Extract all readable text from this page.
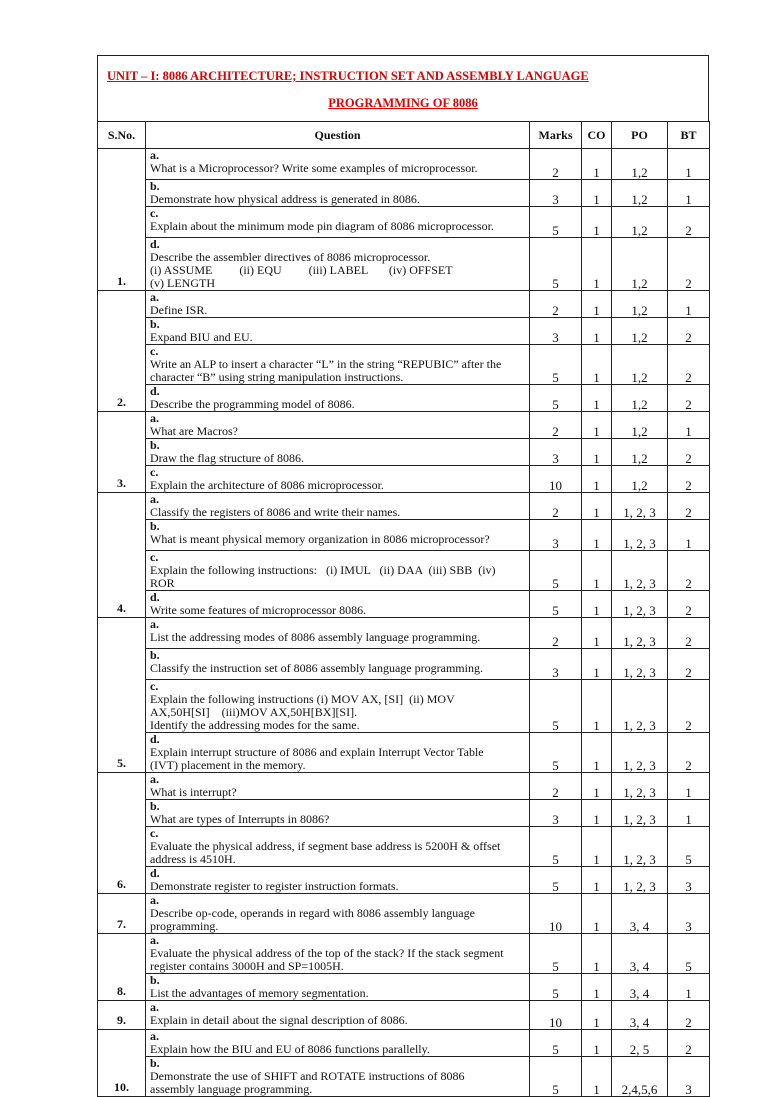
UNIT – I: 8086 ARCHITECTURE; INSTRUCTION SET AND ASSEMBLY LANGUAGE
PROGRAMMING OF 8086
S.No.	Question	Marks	CO	PO	BT
1.	a.What is a Microprocessor? Write some examples of microprocessor.	2	1	1,2	1
	b.Demonstrate how physical address is generated in 8086.	3	1	1,2	1
	c.Explain about the minimum mode pin diagram of 8086 microprocessor.	5	1	1,2	2
	d.Describe the assembler directives of 8086 microprocessor.
(i) ASSUME         (ii) EQU         (iii) LABEL       (iv) OFFSET
(v) LENGTH	5	1	1,2	2
2.	a.Define ISR.	2	1	1,2	1
	b.Expand BIU and EU.	3	1	1,2	2
	c.Write an ALP to insert a character “L” in the string “REPUBIC” after the character “B” using string manipulation instructions.	5	1	1,2	2
	d.Describe the programming model of 8086.	5	1	1,2	2
3.	a.What are Macros?	2	1	1,2	1
	b.Draw the flag structure of 8086.	3	1	1,2	2
	c.Explain the architecture of 8086 microprocessor.	10	1	1,2	2
4.	a.Classify the registers of 8086 and write their names.	2	1	1, 2, 3	2
	b.What is meant physical memory organization in 8086 microprocessor?	3	1	1, 2, 3	1
	c.Explain the following instructions:   (i) IMUL   (ii) DAA  (iii) SBB  (iv) ROR	5	1	1, 2, 3	2
	d.Write some features of microprocessor 8086.	5	1	1, 2, 3	2
5.	a.List the addressing modes of 8086 assembly language programming.	2	1	1, 2, 3	2
	b.Classify the instruction set of 8086 assembly language programming.	3	1	1, 2, 3	2
	c.Explain the following instructions (i) MOV AX, [SI]  (ii) MOV AX,50H[SI]    (iii)MOV AX,50H[BX][SI].
Identify the addressing modes for the same.	5	1	1, 2, 3	2
	d.Explain interrupt structure of 8086 and explain Interrupt Vector Table (IVT) placement in the memory.	5	1	1, 2, 3	2
6.	a.What is interrupt?	2	1	1, 2, 3	1
	b.What are types of Interrupts in 8086?	3	1	1, 2, 3	1
	c.Evaluate the physical address, if segment base address is 5200H & offset address is 4510H.	5	1	1, 2, 3	5
	d.Demonstrate register to register instruction formats.	5	1	1, 2, 3	3
7.	a.Describe op-code, operands in regard with 8086 assembly language programming.	10	1	3, 4	3
8.	a.Evaluate the physical address of the top of the stack? If the stack segment register contains 3000H and SP=1005H.	5	1	3, 4	5
	b.List the advantages of memory segmentation.	5	1	3, 4	1
9.	a.Explain in detail about the signal description of 8086.	10	1	3, 4	2
10.	a.Explain how the BIU and EU of 8086 functions parallelly.	5	1	2, 5	2
	b.Demonstrate the use of SHIFT and ROTATE instructions of 8086 assembly language programming.	5	1	2,4,5,6	3
